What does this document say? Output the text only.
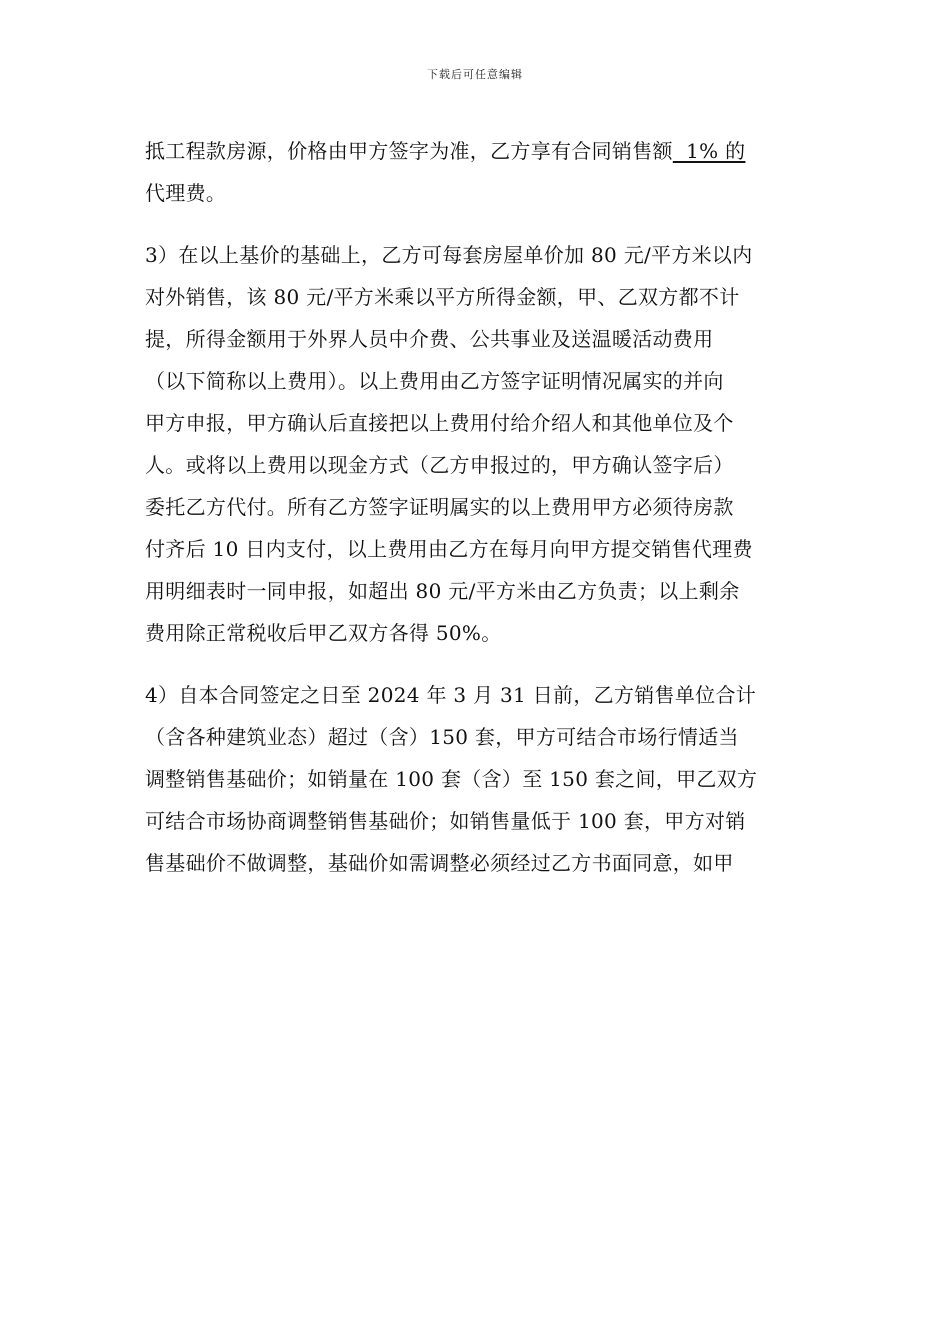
下载后可任意编辑
抵工程款房源，价格由甲方签字为准，乙方享有合同销售额  1% 的
代理费。
3）在以上基价的基础上，乙方可每套房屋单价加 80 元/平方米以内
对外销售，该 80 元/平方米乘以平方所得金额，甲、乙双方都不计
提，所得金额用于外界人员中介费、公共事业及送温暖活动费用
（以下简称以上费用）。以上费用由乙方签字证明情况属实的并向
甲方申报，甲方确认后直接把以上费用付给介绍人和其他单位及个
人。或将以上费用以现金方式（乙方申报过的，甲方确认签字后）
委托乙方代付。所有乙方签字证明属实的以上费用甲方必须待房款
付齐后 10 日内支付，以上费用由乙方在每月向甲方提交销售代理费
用明细表时一同申报，如超出 80 元/平方米由乙方负责；以上剩余
费用除正常税收后甲乙双方各得 50%。
4）自本合同签定之日至 2024 年 3 月 31 日前，乙方销售单位合计
（含各种建筑业态）超过（含）150 套，甲方可结合市场行情适当
调整销售基础价；如销量在 100 套（含）至 150 套之间，甲乙双方
可结合市场协商调整销售基础价；如销售量低于 100 套，甲方对销
售基础价不做调整，基础价如需调整必须经过乙方书面同意，如甲
